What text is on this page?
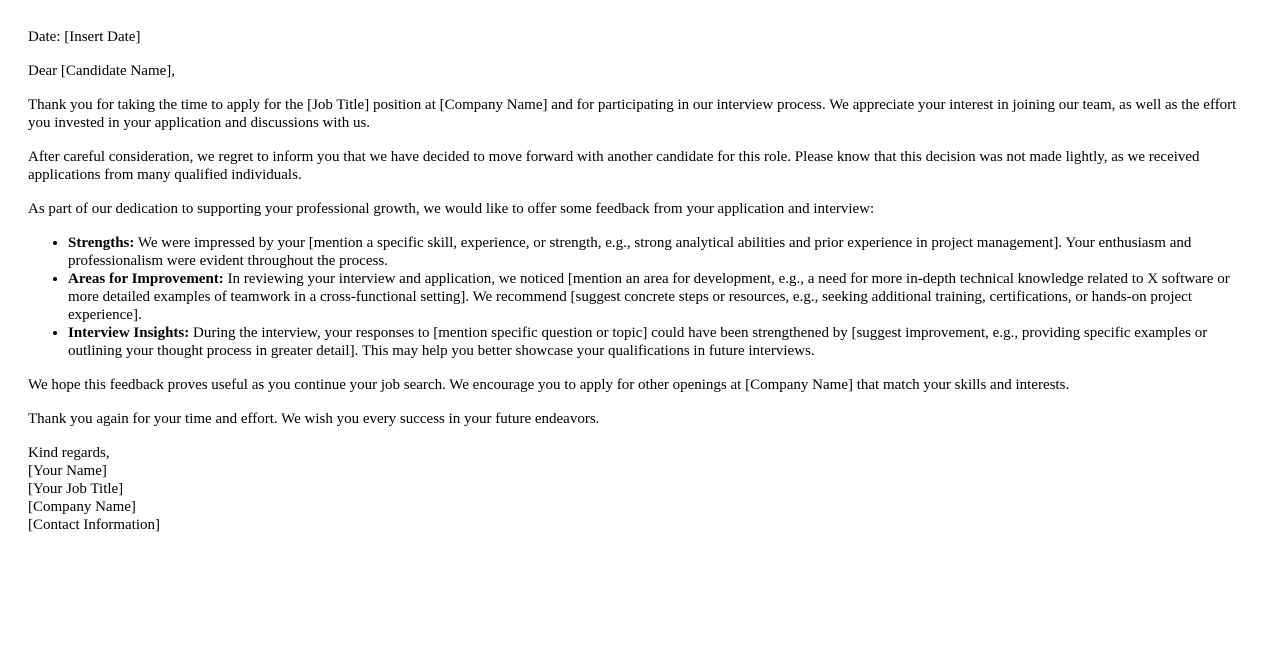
Date: [Insert Date]

Dear [Candidate Name],

Thank you for taking the time to apply for the [Job Title] position at [Company Name] and for participating in our interview process. We appreciate your interest in joining our team, as well as the effort you invested in your application and discussions with us.

After careful consideration, we regret to inform you that we have decided to move forward with another candidate for this role. Please know that this decision was not made lightly, as we received applications from many qualified individuals.

As part of our dedication to supporting your professional growth, we would like to offer some feedback from your application and interview:

• Strengths: We were impressed by your [mention a specific skill, experience, or strength, e.g., strong analytical abilities and prior experience in project management]. Your enthusiasm and professionalism were evident throughout the process.
• Areas for Improvement: In reviewing your interview and application, we noticed [mention an area for development, e.g., a need for more in-depth technical knowledge related to X software or more detailed examples of teamwork in a cross-functional setting]. We recommend [suggest concrete steps or resources, e.g., seeking additional training, certifications, or hands-on project experience].
• Interview Insights: During the interview, your responses to [mention specific question or topic] could have been strengthened by [suggest improvement, e.g., providing specific examples or outlining your thought process in greater detail]. This may help you better showcase your qualifications in future interviews.

We hope this feedback proves useful as you continue your job search. We encourage you to apply for other openings at [Company Name] that match your skills and interests.

Thank you again for your time and effort. We wish you every success in your future endeavors.

Kind regards,

[Your Name]

[Your Job Title]

[Company Name]

[Contact Information]
